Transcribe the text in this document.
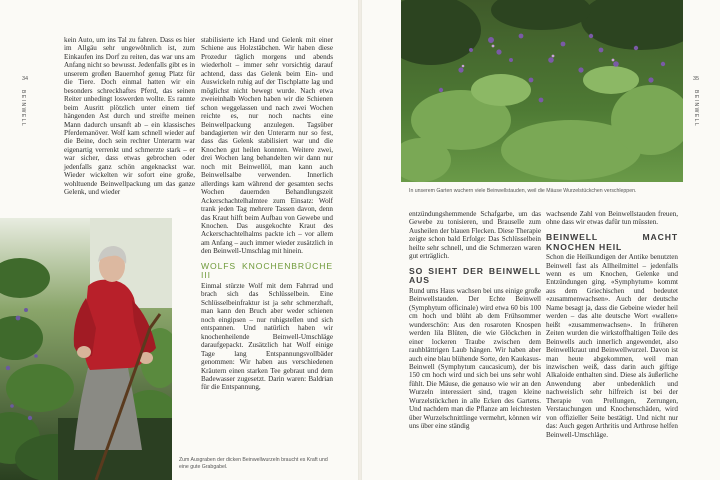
34
BEINWELL

kein Auto, um ins Tal zu fahren. Dass es hier im Allgäu sehr ungewöhnlich ist, zum Einkaufen ins Dorf zu reiten, das war uns am Anfang nicht so bewusst. Jedenfalls gibt es in unserem großen Bauernhof genug Platz für die Tiere. Doch einmal hatten wir ein besonders schreckhaftes Pferd, das seinen Reiter unbedingt loswerden wollte. Es rannte beim Ausritt plötzlich unter einem tief hängenden Ast durch und streifte meinen Mann dadurch unsanft ab – ein klassisches Pferdemanöver. Wolf kam schnell wieder auf die Beine, doch sein rechter Unterarm war eigenartig verrenkt und schmerzte stark – er war sicher, dass etwas gebrochen oder jedenfalls ganz schön angeknackst war. Wieder wickelten wir sofort eine große, wohltuende Beinwellpackung um das ganze Gelenk, und wieder

stabilisierte ich Hand und Gelenk mit einer Schiene aus Holzstäbchen. Wir haben diese Prozedur täglich morgens und abends wiederholt – immer sehr vorsichtig darauf achtend, dass das Gelenk beim Ein- und Auswickeln ruhig auf der Tischplatte lag und möglichst nicht bewegt wurde. Nach etwa zweieinhalb Wochen haben wir die Schienen schon weggelassen und nach zwei Wochen reichte es, nur noch nachts eine Beinwellpackung anzulegen. Tagsüber bandagierten wir den Unterarm nur so fest, dass das Gelenk stabilisiert war und die Knochen gut heilen konnten. Weitere zwei, drei Wochen lang behandelten wir dann nur noch mit Beinwellöl, man kann auch Beinwellsalbe verwenden. Innerlich allerdings kam während der gesamten sechs Wochen dauernden Behandlungszeit Ackerschachtelhalmtee zum Einsatz: Wolf trank jeden Tag mehrere Tassen davon, denn das Kraut hilft beim Aufbau von Gewebe und Knochen. Das ausgekochte Kraut des Ackerschachtelhalms packte ich – vor allem am Anfang – auch immer wieder zusätzlich in den Beinwell-Umschlag mit hinein.

WOLFS KNOCHENBRÜCHE III

Einmal stürzte Wolf mit dem Fahrrad und brach sich das Schlüsselbein. Eine Schlüsselbeinfraktur ist ja sehr schmerzhaft, man kann den Bruch aber weder schienen noch eingipsen – nur ruhigstellen und sich entspannen. Und natürlich haben wir knochenheilende Beinwell-Umschläge daraufgepackt. Zusätzlich hat Wolf einige Tage lang Entspannungsvollbäder genommen: Wir haben aus verschiedenen Kräutern einen starken Tee gebraut und dem Badewasser zugesetzt. Darin waren: Baldrian für die Entspannung,

Zum Ausgraben der dicken Beinwellwurzeln braucht es Kraft und eine gute Grabgabel.
In unserem Garten wuchern viele Beinwellstauden, weil die Mäuse Wurzelstückchen verschleppen.
35
BEINWELL

entzündungshemmende Schafgarbe, um das Gewebe zu tonisieren, und Brauselle zum Ausheilen der blauen Flecken. Diese Therapie zeigte schon bald Erfolge: Das Schlüsselbein heilte sehr schnell, und die Schmerzen waren gut erträglich.

SO SIEHT DER BEINWELL AUS

Rund ums Haus wachsen bei uns einige große Beinwellstauden. Der Echte Beinwell (Symphytum officinale) wird etwa 60 bis 100 cm hoch und blüht ab dem Frühsommer wunderschön: Aus den rosaroten Knospen werden lila Blüten, die wie Glöckchen in einer lockeren Traube zwischen dem rauhblättrigen Laub hängen. Wir haben aber auch eine blau blühende Sorte, den Kaukasus-Beinwell (Symphytum caucasicum), der bis 150 cm hoch wird und sich bei uns sehr wohl fühlt. Die Mäuse, die genauso wie wir an den Wurzeln interessiert sind, tragen kleine Wurzelstückchen in alle Ecken des Gartens. Und nachdem man die Pflanze am leichtesten über Wurzelschnittlinge vermehrt, können wir uns über eine ständig

wachsende Zahl von Beinwellstauden freuen, ohne dass wir etwas dafür tun müssten.

BEINWELL MACHT KNOCHEN HEIL

Schon die Heilkundigen der Antike benutzten Beinwell fast als Allheilmittel – jedenfalls wenn es um Knochen, Gelenke und Entzündungen ging. «Symphytum» kommt aus dem Griechischen und bedeutet «zusammenwachsen». Auch der deutsche Name besagt ja, dass die Gebeine wieder heil werden – das alte deutsche Wort «wallen» heißt «zusammenwachsen». In früheren Zeiten wurden die wirkstoffhaltigen Teile des Beinwells auch innerlich angewendet, also Beinwellkraut und Beinwellwurzel. Davon ist man heute abgekommen, weil man inzwischen weiß, dass darin auch giftige Alkaloide enthalten sind. Diese als äußerliche Anwendung aber unbedenklich und nachweislich sehr hilfreich ist bei der Therapie von Prellungen, Zerrungen, Verstauchungen und Knochenschäden, wird von offizieller Seite bestätigt. Und nicht nur das: Auch gegen Arthritis und Arthrose helfen Beinwell-Umschläge.
